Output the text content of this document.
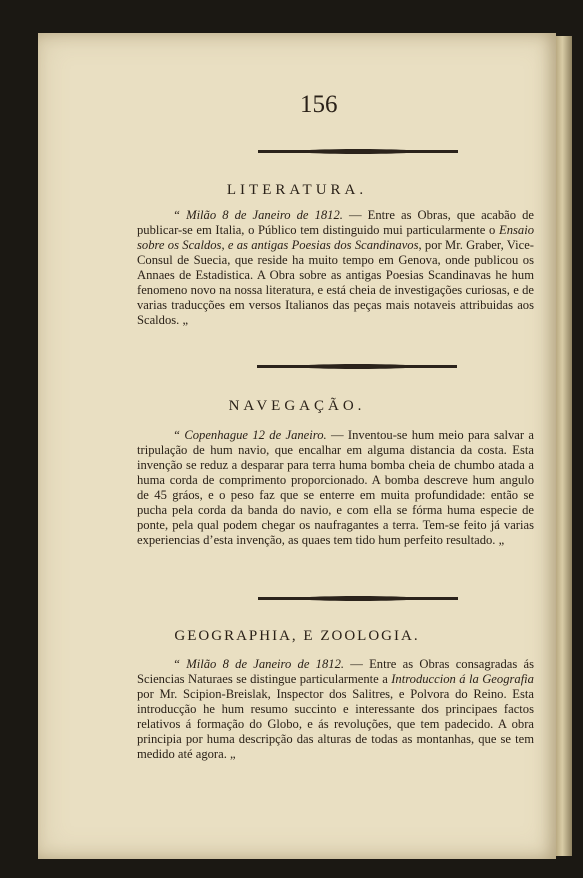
156
LITERATURA.
“ Milão 8 de Janeiro de 1812. — Entre as Obras, que acabão de publicar-se em Italia, o Público tem distinguido mui particularmente o Ensaio sobre os Scaldos, e as antigas Poesias dos Scandinavos, por Mr. Graber, Vice-Consul de Suecia, que reside ha muito tempo em Genova, onde publicou os Annaes de Estadistica. A Obra sobre as antigas Poesias Scandinavas he hum fenomeno novo na nossa literatura, e está cheia de investigações curiosas, e de varias traducções em versos Italianos das peças mais notaveis attribuidas aos Scaldos. „
NAVEGAÇÃO.
“ Copenhague 12 de Janeiro. — Inventou-se hum meio para salvar a tripulação de hum navio, que encalhar em alguma distancia da costa. Esta invenção se reduz a desparar para terra huma bomba cheia de chumbo atada a huma corda de comprimento proporcionado. A bomba descreve hum angulo de 45 gráos, e o peso faz que se enterre em muita profundidade: então se pucha pela corda da banda do navio, e com ella se fórma huma especie de ponte, pela qual podem chegar os naufragantes a terra. Tem-se feito já varias experiencias d’esta invenção, as quaes tem tido hum perfeito resultado. „
GEOGRAPHIA, E ZOOLOGIA.
“ Milão 8 de Janeiro de 1812. — Entre as Obras consagradas ás Sciencias Naturaes se distingue particularmente a Introduccion á la Geografia por Mr. Scipion-Breislak, Inspector dos Salitres, e Polvora do Reino. Esta introducção he hum resumo succinto e interessante dos principaes factos relativos á formação do Globo, e ás revoluções, que tem padecido. A obra principia por huma descripção das alturas de todas as montanhas, que se tem medido até agora. „
